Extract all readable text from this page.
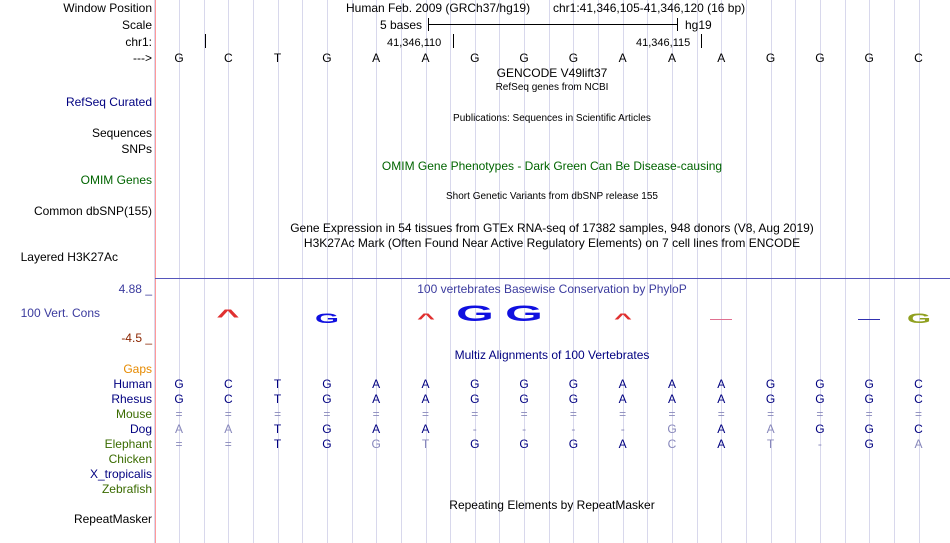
Window Position
Scale
chr1:
--->
RefSeq Curated
Sequences
SNPs
OMIM Genes
Common dbSNP(155)
Layered H3K27Ac
4.88 _
100 Vert. Cons
-4.5 _
Gaps
Human
Rhesus
Mouse
Dog
Elephant
Chicken
X_tropicalis
Zebrafish
RepeatMasker
Human Feb. 2009 (GRCh37/hg19) chr1:41,346,105-41,346,120 (16 bp)
5 bases	hg19
41,346,110	41,346,115
G	C	T	G	A	A	G	G	G	A	A	A	G	G	G	C
GENCODE V49lift37
RefSeq genes from NCBI
Publications: Sequences in Scientific Articles
OMIM Gene Phenotypes - Dark Green Can Be Disease-causing
Short Genetic Variants from dbSNP release 155
Gene Expression in 54 tissues from GTEx RNA-seq of 17382 samples, 948 donors (V8, Aug 2019)
H3K27Ac Mark (Often Found Near Active Regulatory Elements) on 7 cell lines from ENCODE
100 vertebrates Basewise Conservation by PhyloP
^	G	^ G G	^	—	— G
Multiz Alignments of 100 Vertebrates
G	C	T	G	A	A	G	G	G	A	A	A	G	G	G	C
G	C	T	G	A	A	G	G	G	A	A	A	G	G	G	C
=	=	=	=	=	=	=	=	=	=	=	=	=	=	=	=
A	A	T	G	A	A	-	-	-	-	G	A	A	G	G	C
=	=	T	G	G	T	G	G	G	A	C	A	T	-	G	A
Repeating Elements by RepeatMasker
